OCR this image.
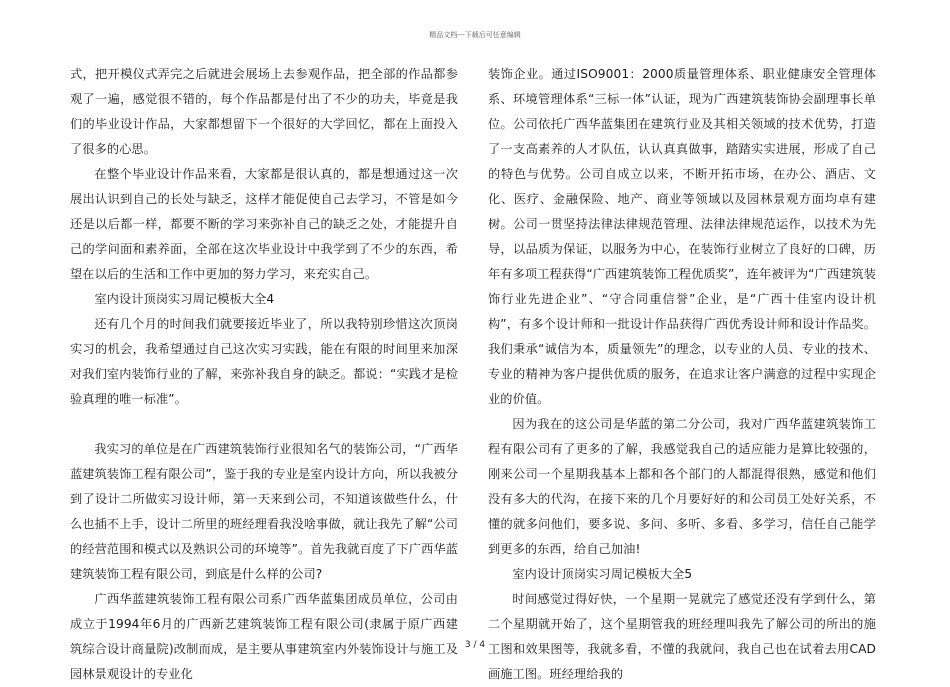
精品文档---下载后可任意编辑

式，把开模仪式弄完之后就进会展场上去参观作品，把全部的作品都参观了一遍，感觉很不错的，每个作品都是付出了不少的功夫，毕竟是我们的毕业设计作品，大家都想留下一个很好的大学回忆，都在上面投入了很多的心思。

在整个毕业设计作品来看，大家都是很认真的，都是想通过这一次展出认识到自己的长处与缺乏，这样才能促使自己去学习，不管是如今还是以后都一样，都要不断的学习来弥补自己的缺乏之处，才能提升自己的学问面和素养面，全部在这次毕业设计中我学到了不少的东西，希望在以后的生活和工作中更加的努力学习，来充实自己。

室内设计顶岗实习周记模板大全4

还有几个月的时间我们就要接近毕业了，所以我特别珍惜这次顶岗实习的机会，我希望通过自己这次实习实践，能在有限的时间里来加深对我们室内装饰行业的了解，来弥补我自身的缺乏。都说：“实践才是检验真理的唯一标准”。

我实习的单位是在广西建筑装饰行业很知名气的装饰公司，“广西华蓝建筑装饰工程有限公司”，鉴于我的专业是室内设计方向，所以我被分到了设计二所做实习设计师，第一天来到公司，不知道该做些什么，什么也插不上手，设计二所里的班经理看我没啥事做，就让我先了解“公司的经营范围和模式以及熟识公司的环境等”。首先我就百度了下广西华蓝建筑装饰工程有限公司，到底是什么样的公司?

广西华蓝建筑装饰工程有限公司系广西华蓝集团成员单位，公司由成立于1994年6月的广西新艺建筑装饰工程有限公司(隶属于原广西建筑综合设计商量院)改制而成，是主要从事建筑室内外装饰设计与施工及园林景观设计的专业化

装饰企业。通过ISO9001：2000质量管理体系、职业健康安全管理体系、环境管理体系“三标一体”认证，现为广西建筑装饰协会副理事长单位。公司依托广西华蓝集团在建筑行业及其相关领域的技术优势，打造了一支高素养的人才队伍，认认真真做事，踏踏实实进展，形成了自己的特色与优势。公司自成立以来，不断开拓市场，在办公、酒店、文化、医疗、金融保险、地产、商业等领域以及园林景观方面均卓有建树。公司一贯坚持法律法律规范管理、法律法律规范运作，以技术为先导，以品质为保证，以服务为中心，在装饰行业树立了良好的口碑，历年有多项工程获得“广西建筑装饰工程优质奖”，连年被评为“广西建筑装饰行业先进企业”、“守合同重信誉”企业，是“广西十佳室内设计机构”，有多个设计师和一批设计作品获得广西优秀设计师和设计作品奖。我们秉承“诚信为本，质量领先”的理念，以专业的人员、专业的技术、专业的精神为客户提供优质的服务，在追求让客户满意的过程中实现企业的价值。

因为我在的这公司是华蓝的第二分公司，我对广西华蓝建筑装饰工程有限公司有了更多的了解，我感觉我自己的适应能力是算比较强的，刚来公司一个星期我基本上都和各个部门的人都混得很熟，感觉和他们没有多大的代沟，在接下来的几个月要好好的和公司员工处好关系，不懂的就多问他们，要多说、多问、多听、多看、多学习，信任自己能学到更多的东西，给自己加油!

室内设计顶岗实习周记模板大全5

时间感觉过得好快，一个星期一晃就完了感觉还没有学到什么，第二个星期就开始了，这个星期管我的班经理叫我先了解公司的所出的施工图和效果图等，我就多看，不懂的我就问，我自己也在试着去用CAD画施工图。班经理给我的

3 / 4
